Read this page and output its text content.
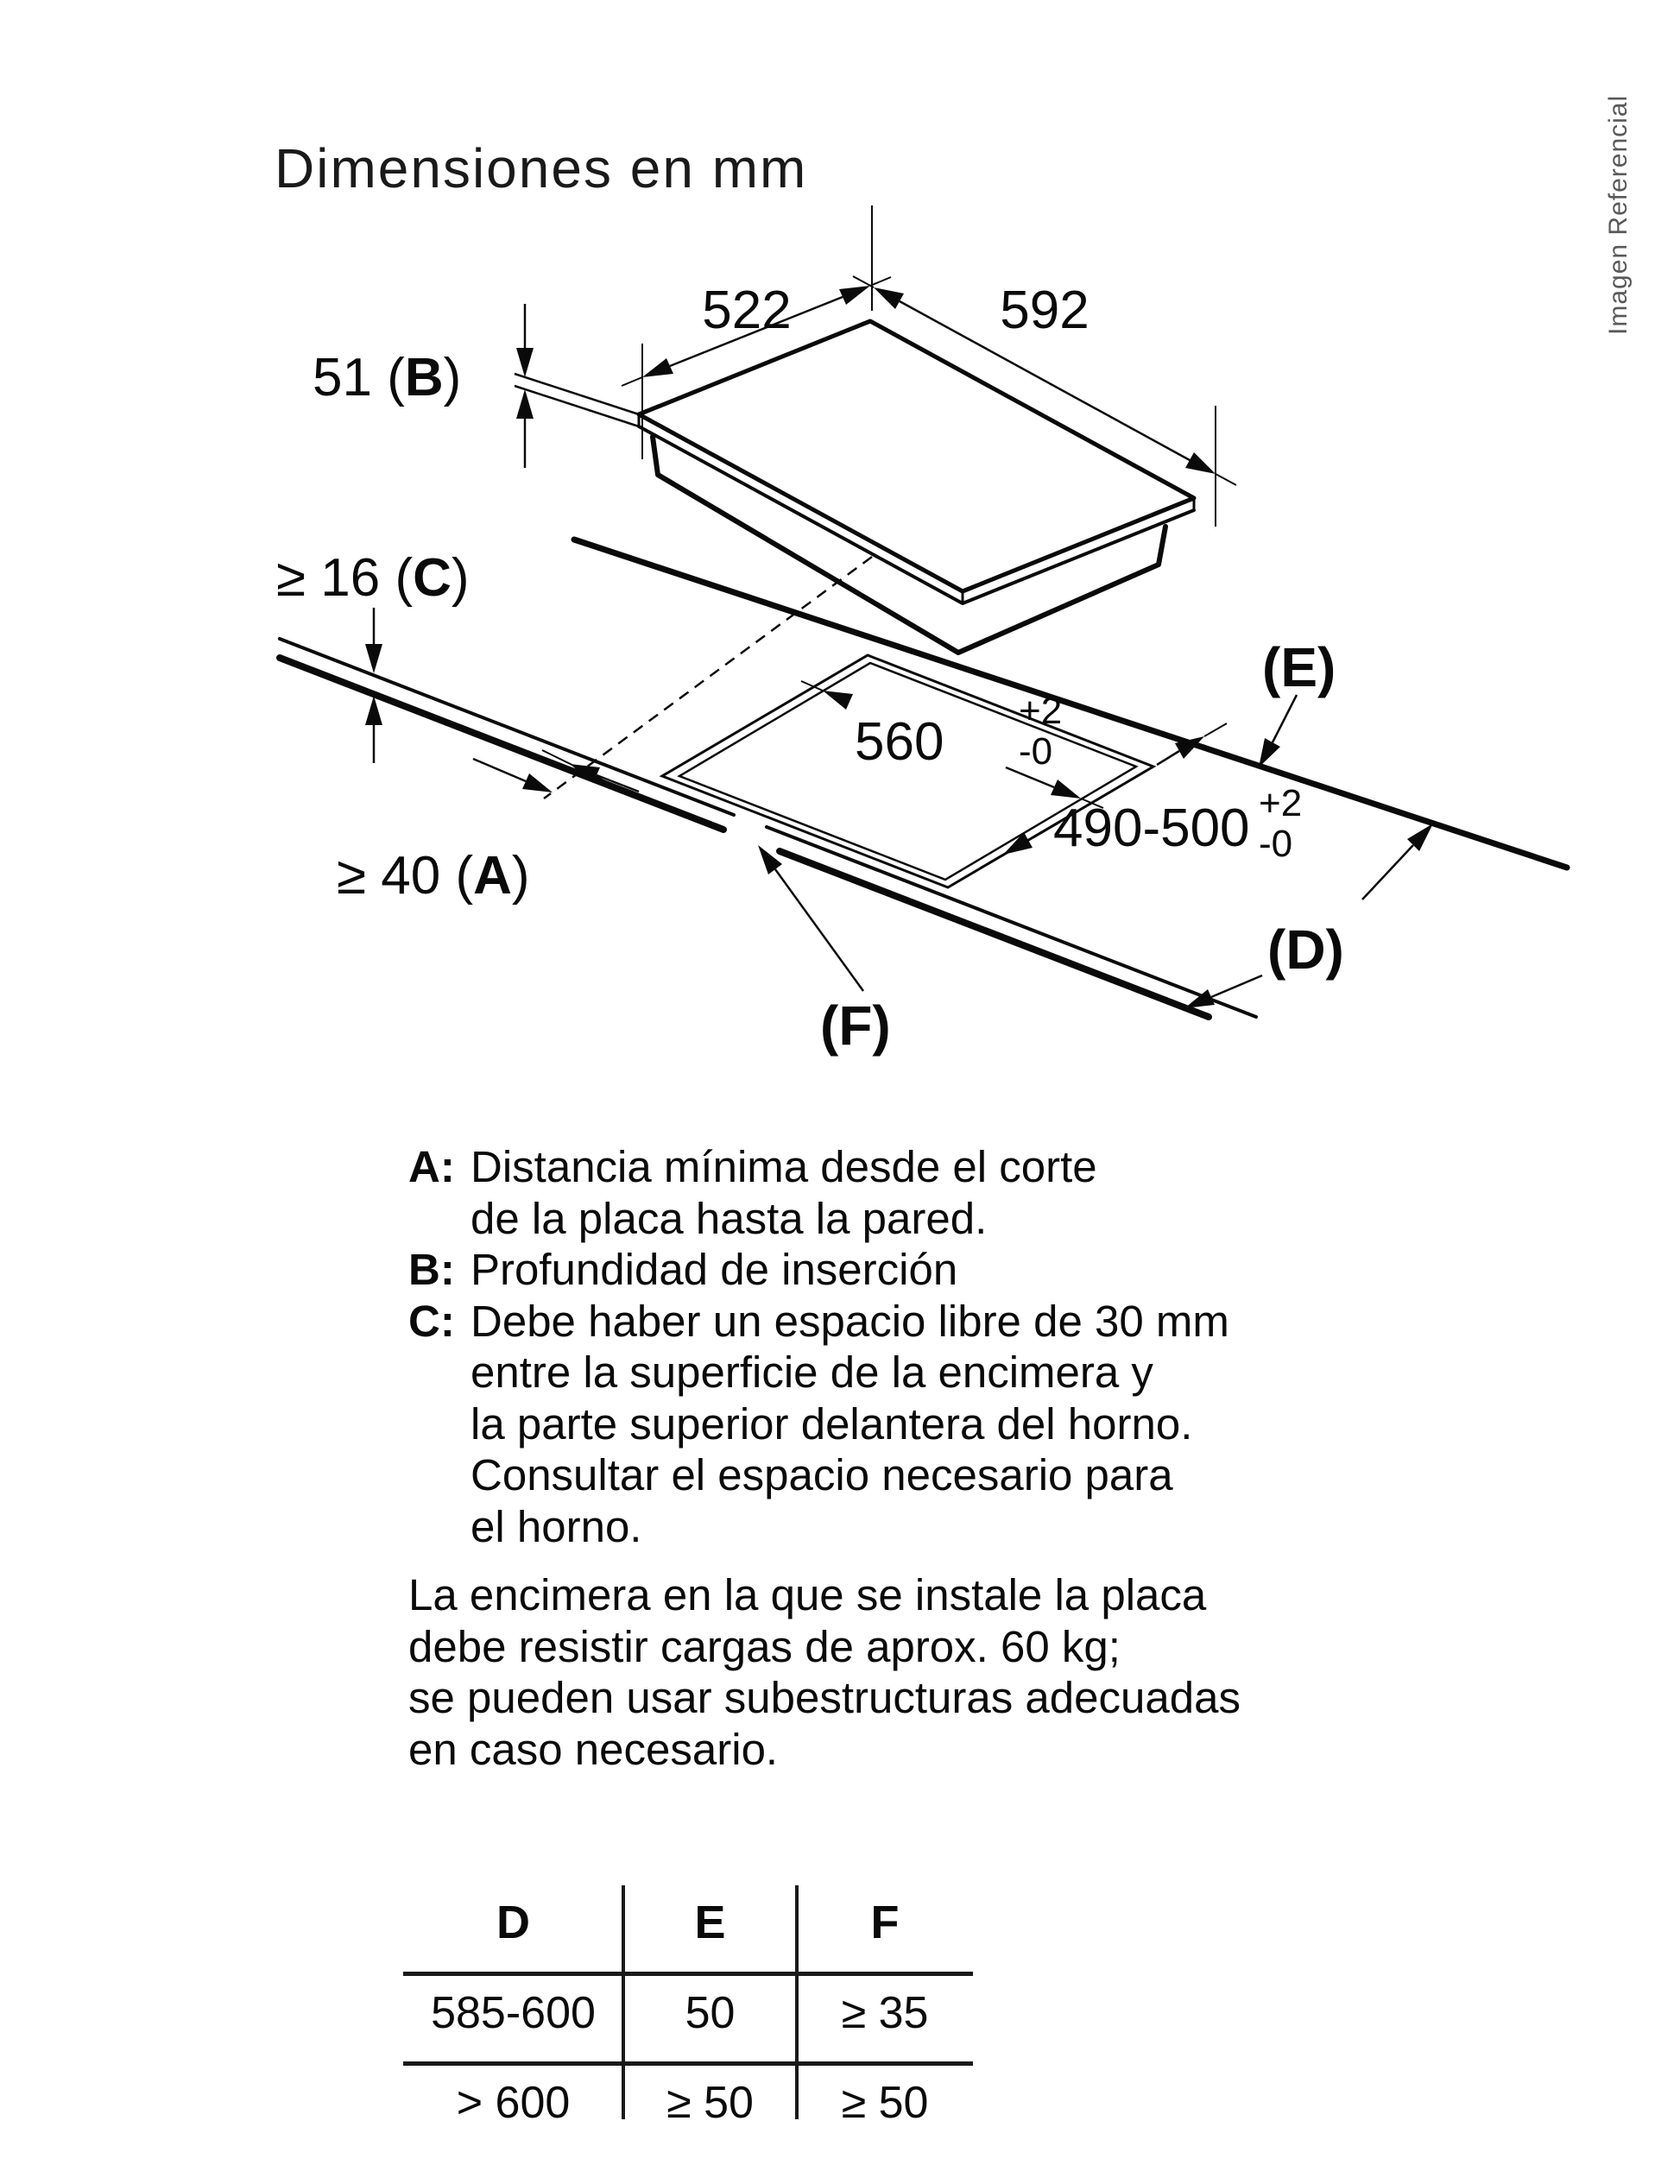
Dimensiones en mm	Imagen Referencial
522	592
51 (B)
≥ 16 (C)
≥ 40 (A)
560
+2
-0
490-500 +2
-0
(E)
(D)
(F)
A: Distancia mínima desde el corte
de la placa hasta la pared.
B: Profundidad de inserción
C: Debe haber un espacio libre de 30 mm
entre la superficie de la encimera y
la parte superior delantera del horno.
Consultar el espacio necesario para
el horno.
La encimera en la que se instale la placa
debe resistir cargas de aprox. 60 kg;
se pueden usar subestructuras adecuadas
en caso necesario.
D	E	F
585-600	50	≥ 35
> 600	≥ 50	≥ 50
